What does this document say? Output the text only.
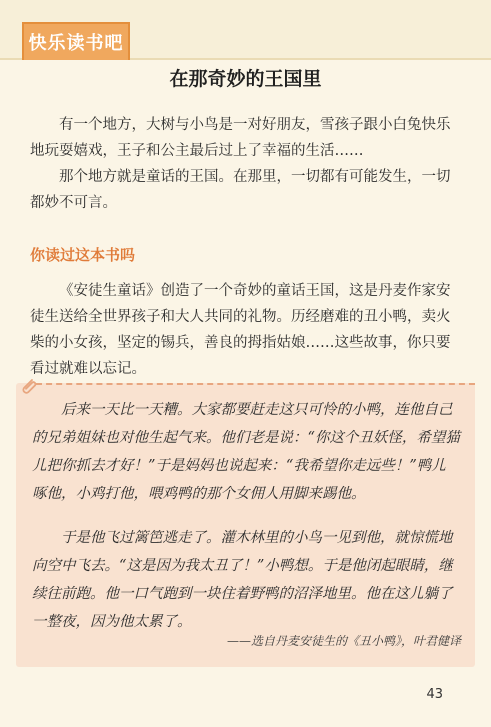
快乐读书吧
在那奇妙的王国里

有一个地方，大树与小鸟是一对好朋友，雪孩子跟小白兔快乐地玩耍嬉戏，王子和公主最后过上了幸福的生活……

那个地方就是童话的王国。在那里，一切都有可能发生，一切都妙不可言。

你读过这本书吗

《安徒生童话》创造了一个奇妙的童话王国，这是丹麦作家安徒生送给全世界孩子和大人共同的礼物。历经磨难的丑小鸭，卖火柴的小女孩，坚定的锡兵，善良的拇指姑娘……这些故事，你只要看过就难以忘记。

后来一天比一天糟。大家都要赶走这只可怜的小鸭，连他自己的兄弟姐妹也对他生起气来。他们老是说：“你这个丑妖怪，希望猫儿把你抓去才好！”于是妈妈也说起来：“我希望你走远些！”鸭儿啄他，小鸡打他，喂鸡鸭的那个女佣人用脚来踢他。

于是他飞过篱笆逃走了。灌木林里的小鸟一见到他，就惊慌地向空中飞去。“这是因为我太丑了！”小鸭想。于是他闭起眼睛，继续往前跑。他一口气跑到一块住着野鸭的沼泽地里。他在这儿躺了一整夜，因为他太累了。

——选自丹麦安徒生的《丑小鸭》，叶君健译
43
